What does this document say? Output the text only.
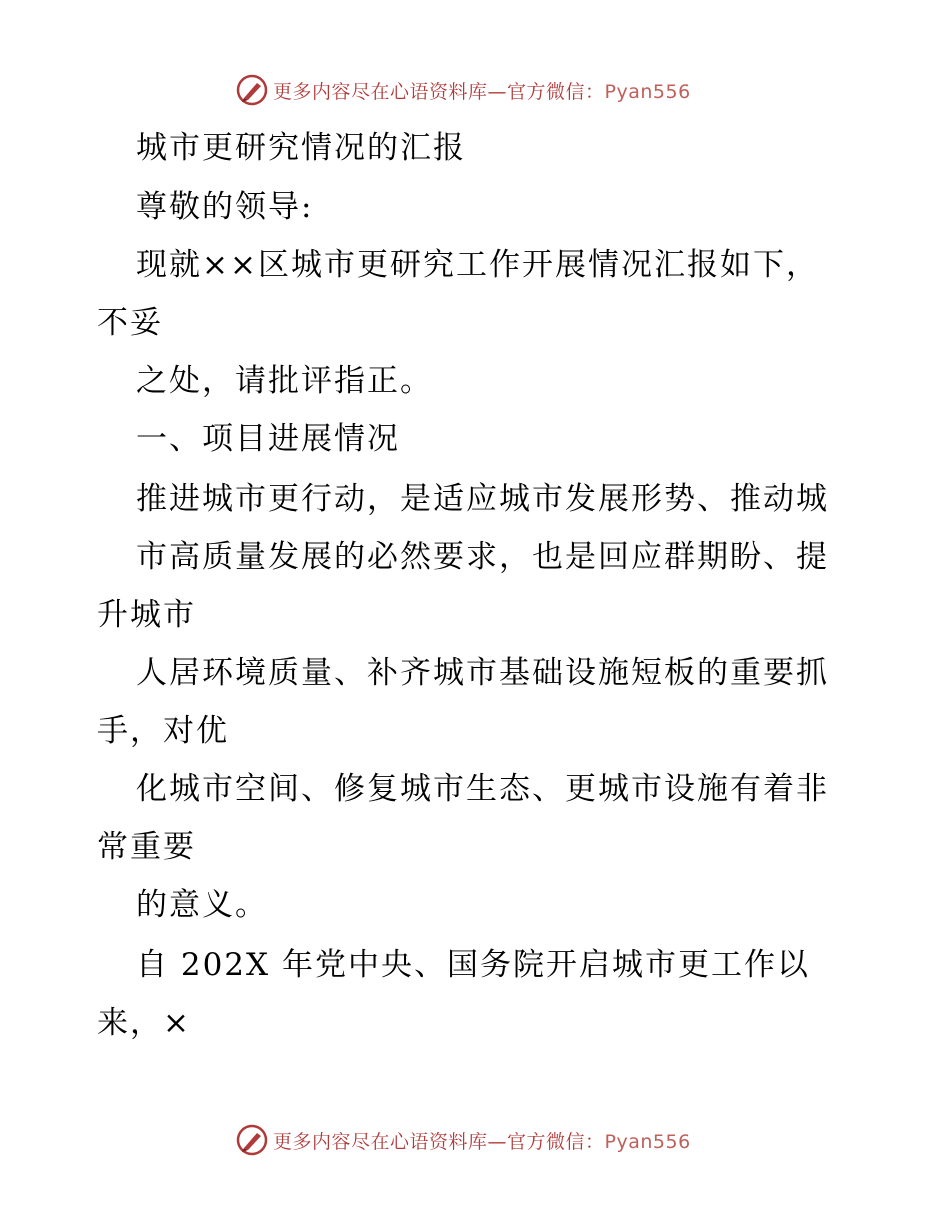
更多内容尽在心语资料库—官方微信：Pyan556
城市更研究情况的汇报
尊敬的领导:
现就××区城市更研究工作开展情况汇报如下，
不妥
之处，请批评指正。
一、项目进展情况
推进城市更行动，是适应城市发展形势、推动城
市高质量发展的必然要求，也是回应群期盼、提
升城市
人居环境质量、补齐城市基础设施短板的重要抓
手，对优
化城市空间、修复城市生态、更城市设施有着非
常重要
的意义。
自 202X 年党中央、国务院开启城市更工作以
来，×
更多内容尽在心语资料库—官方微信：Pyan556
